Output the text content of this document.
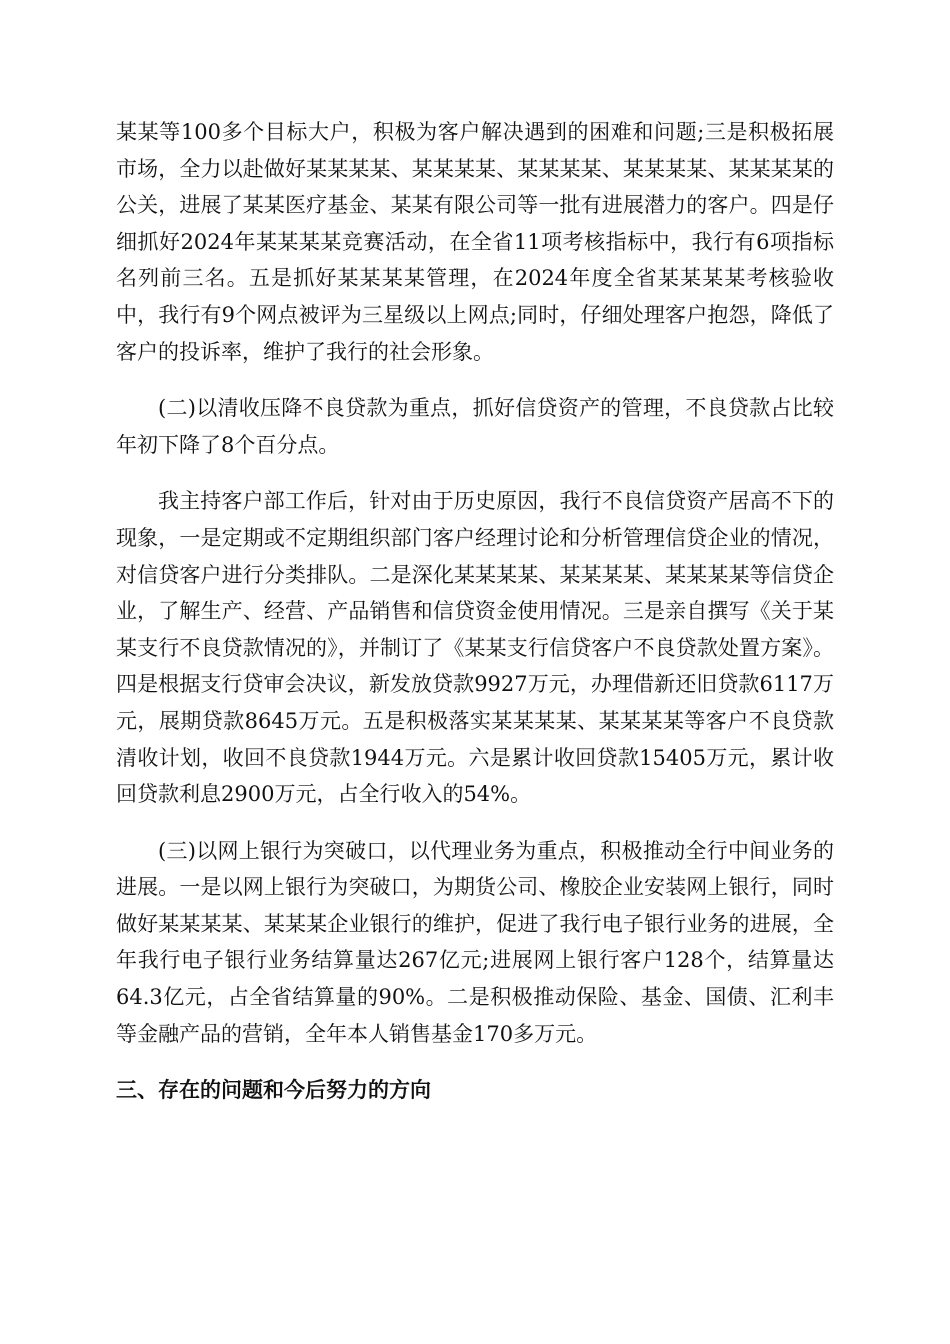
某某等100多个目标大户，积极为客户解决遇到的困难和问题;三是积极拓展市场，全力以赴做好某某某某、某某某某、某某某某、某某某某、某某某某的公关，进展了某某医疗基金、某某有限公司等一批有进展潜力的客户。四是仔细抓好2024年某某某某竞赛活动，在全省11项考核指标中，我行有6项指标名列前三名。五是抓好某某某某管理，在2024年度全省某某某某考核验收中，我行有9个网点被评为三星级以上网点;同时，仔细处理客户抱怨，降低了客户的投诉率，维护了我行的社会形象。

(二)以清收压降不良贷款为重点，抓好信贷资产的管理，不良贷款占比较年初下降了8个百分点。

我主持客户部工作后，针对由于历史原因，我行不良信贷资产居高不下的现象，一是定期或不定期组织部门客户经理讨论和分析管理信贷企业的情况，对信贷客户进行分类排队。二是深化某某某某、某某某某、某某某某等信贷企业，了解生产、经营、产品销售和信贷资金使用情况。三是亲自撰写《关于某某支行不良贷款情况的》，并制订了《某某支行信贷客户不良贷款处置方案》。四是根据支行贷审会决议，新发放贷款9927万元，办理借新还旧贷款6117万元，展期贷款8645万元。五是积极落实某某某某、某某某某等客户不良贷款清收计划，收回不良贷款1944万元。六是累计收回贷款15405万元，累计收回贷款利息2900万元，占全行收入的54%。

(三)以网上银行为突破口，以代理业务为重点，积极推动全行中间业务的进展。一是以网上银行为突破口，为期货公司、橡胶企业安装网上银行，同时做好某某某某、某某某企业银行的维护，促进了我行电子银行业务的进展，全年我行电子银行业务结算量达267亿元;进展网上银行客户128个，结算量达64.3亿元，占全省结算量的90%。二是积极推动保险、基金、国债、汇利丰等金融产品的营销，全年本人销售基金170多万元。

三、存在的问题和今后努力的方向
